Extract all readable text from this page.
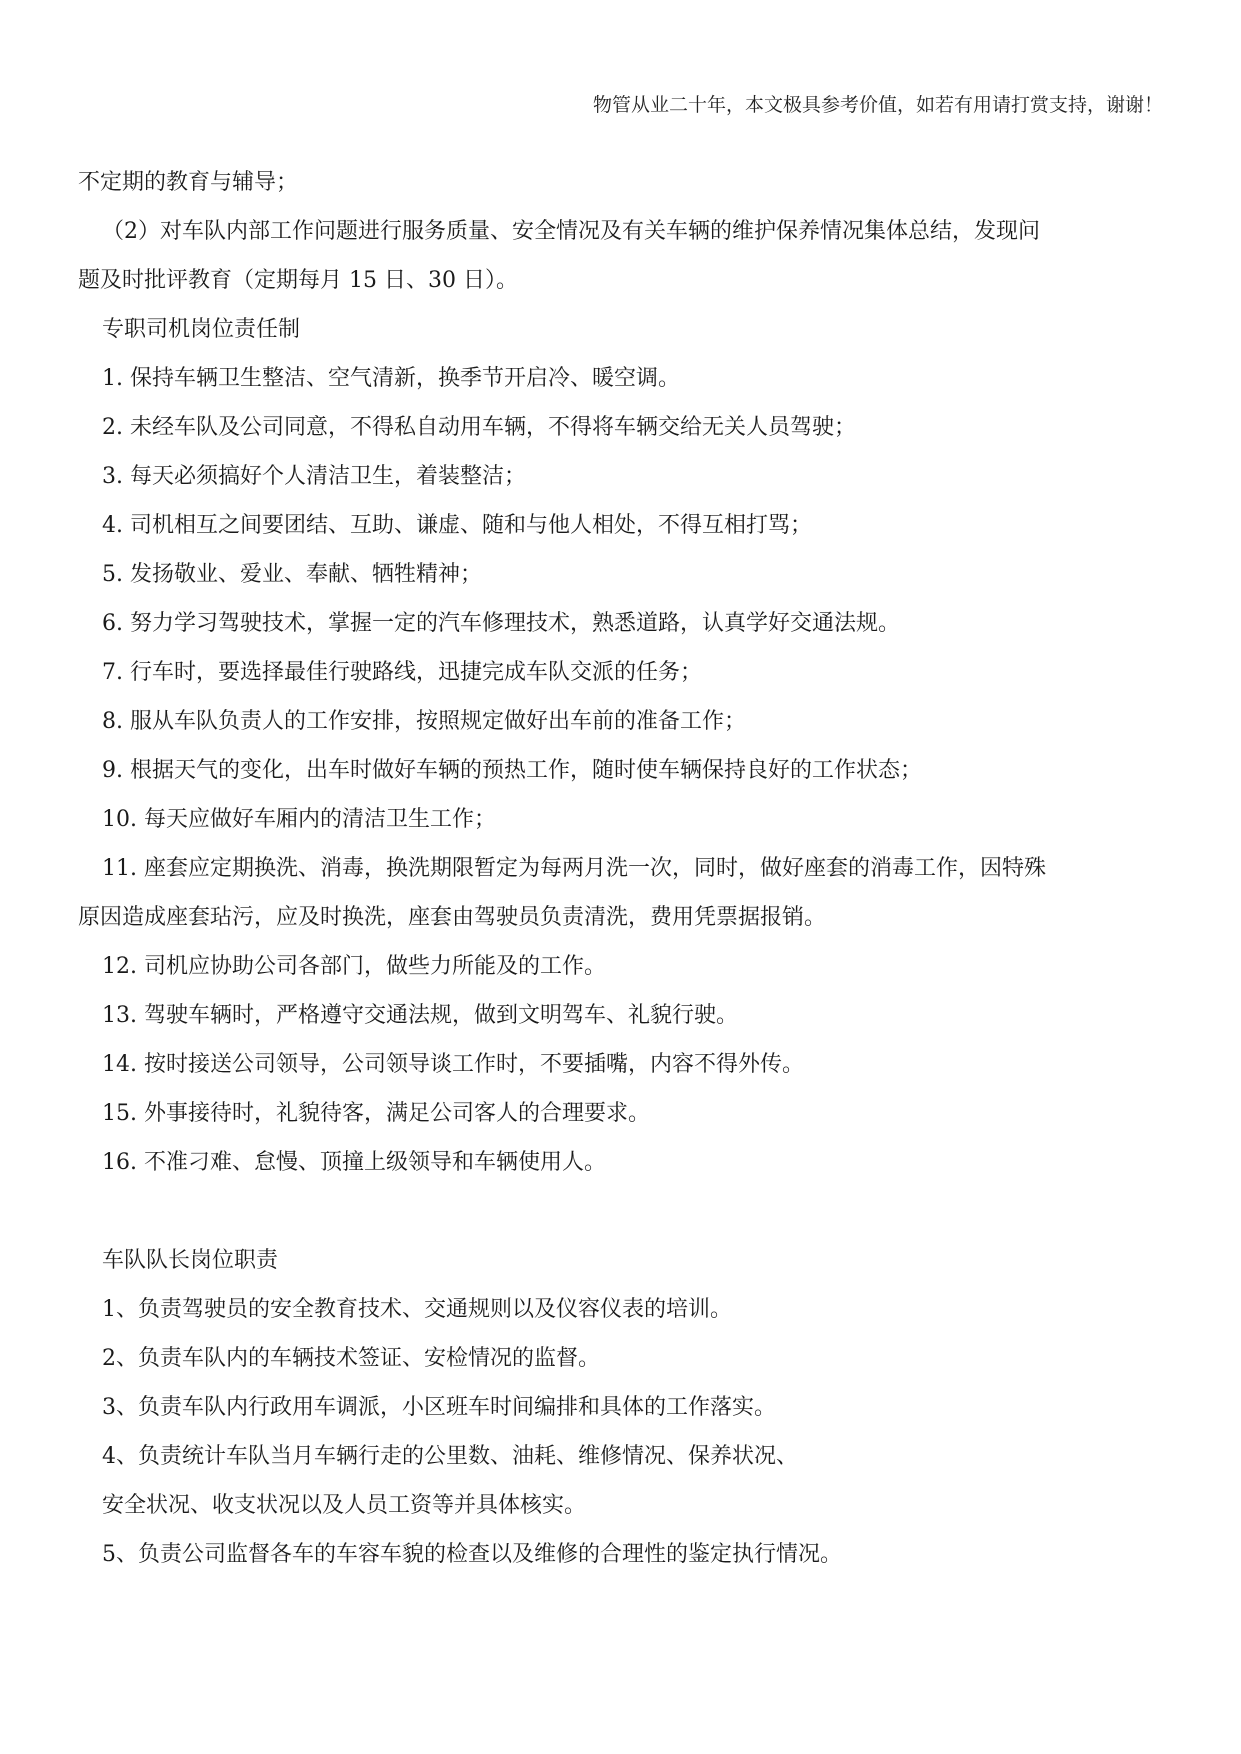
物管从业二十年，本文极具参考价值，如若有用请打赏支持，谢谢！

不定期的教育与辅导；

（2）对车队内部工作问题进行服务质量、安全情况及有关车辆的维护保养情况集体总结，发现问

题及时批评教育（定期每月 15 日、30 日）。

专职司机岗位责任制

1. 保持车辆卫生整洁、空气清新，换季节开启冷、暖空调。

2. 未经车队及公司同意，不得私自动用车辆，不得将车辆交给无关人员驾驶；

3. 每天必须搞好个人清洁卫生，着装整洁；

4. 司机相互之间要团结、互助、谦虚、随和与他人相处，不得互相打骂；

5. 发扬敬业、爱业、奉献、牺牲精神；

6. 努力学习驾驶技术，掌握一定的汽车修理技术，熟悉道路，认真学好交通法规。

7. 行车时，要选择最佳行驶路线，迅捷完成车队交派的任务；

8. 服从车队负责人的工作安排，按照规定做好出车前的准备工作；

9. 根据天气的变化，出车时做好车辆的预热工作，随时使车辆保持良好的工作状态；

10. 每天应做好车厢内的清洁卫生工作；

11. 座套应定期换洗、消毒，换洗期限暂定为每两月洗一次，同时，做好座套的消毒工作，因特殊

原因造成座套玷污，应及时换洗，座套由驾驶员负责清洗，费用凭票据报销。

12. 司机应协助公司各部门，做些力所能及的工作。

13. 驾驶车辆时，严格遵守交通法规，做到文明驾车、礼貌行驶。

14. 按时接送公司领导，公司领导谈工作时，不要插嘴，内容不得外传。

15. 外事接待时，礼貌待客，满足公司客人的合理要求。

16. 不准刁难、怠慢、顶撞上级领导和车辆使用人。

车队队长岗位职责

1、负责驾驶员的安全教育技术、交通规则以及仪容仪表的培训。

2、负责车队内的车辆技术签证、安检情况的监督。

3、负责车队内行政用车调派，小区班车时间编排和具体的工作落实。

4、负责统计车队当月车辆行走的公里数、油耗、维修情况、保养状况、

安全状况、收支状况以及人员工资等并具体核实。

5、负责公司监督各车的车容车貌的检查以及维修的合理性的鉴定执行情况。
